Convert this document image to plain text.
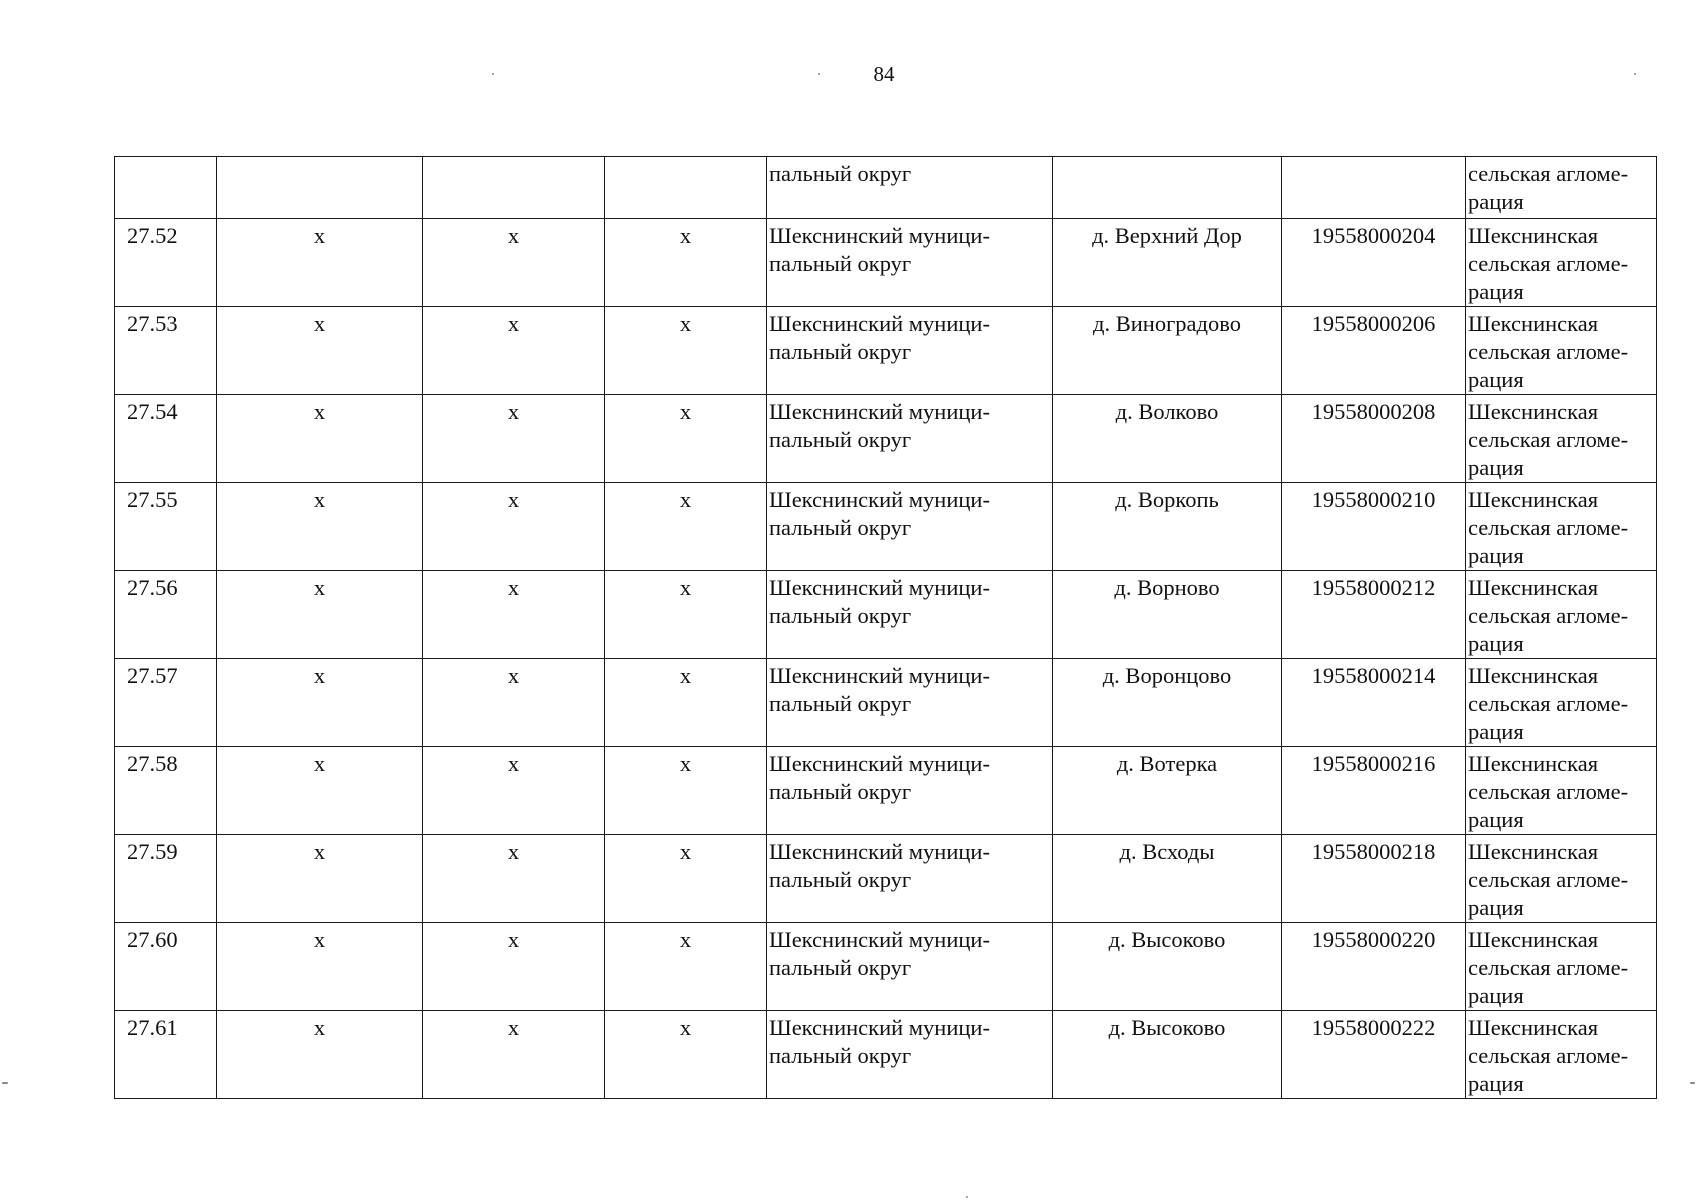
84
				пальный округ			сельская агломе-рация
27.52	х	х	х	Шекснинский муници-пальный округ	д. Верхний Дор	19558000204	Шекснинская сельская агломе-рация
27.53	х	х	х	Шекснинский муници-пальный округ	д. Виноградово	19558000206	Шекснинская сельская агломе-рация
27.54	х	х	х	Шекснинский муници-пальный округ	д. Волково	19558000208	Шекснинская сельская агломе-рация
27.55	х	х	х	Шекснинский муници-пальный округ	д. Воркопь	19558000210	Шекснинская сельская агломе-рация
27.56	х	х	х	Шекснинский муници-пальный округ	д. Ворново	19558000212	Шекснинская сельская агломе-рация
27.57	х	х	х	Шекснинский муници-пальный округ	д. Воронцово	19558000214	Шекснинская сельская агломе-рация
27.58	х	х	х	Шекснинский муници-пальный округ	д. Вотерка	19558000216	Шекснинская сельская агломе-рация
27.59	х	х	х	Шекснинский муници-пальный округ	д. Всходы	19558000218	Шекснинская сельская агломе-рация
27.60	х	х	х	Шекснинский муници-пальный округ	д. Высоково	19558000220	Шекснинская сельская агломе-рация
27.61	х	х	х	Шекснинский муници-пальный округ	д. Высоково	19558000222	Шекснинская сельская агломе-рация
